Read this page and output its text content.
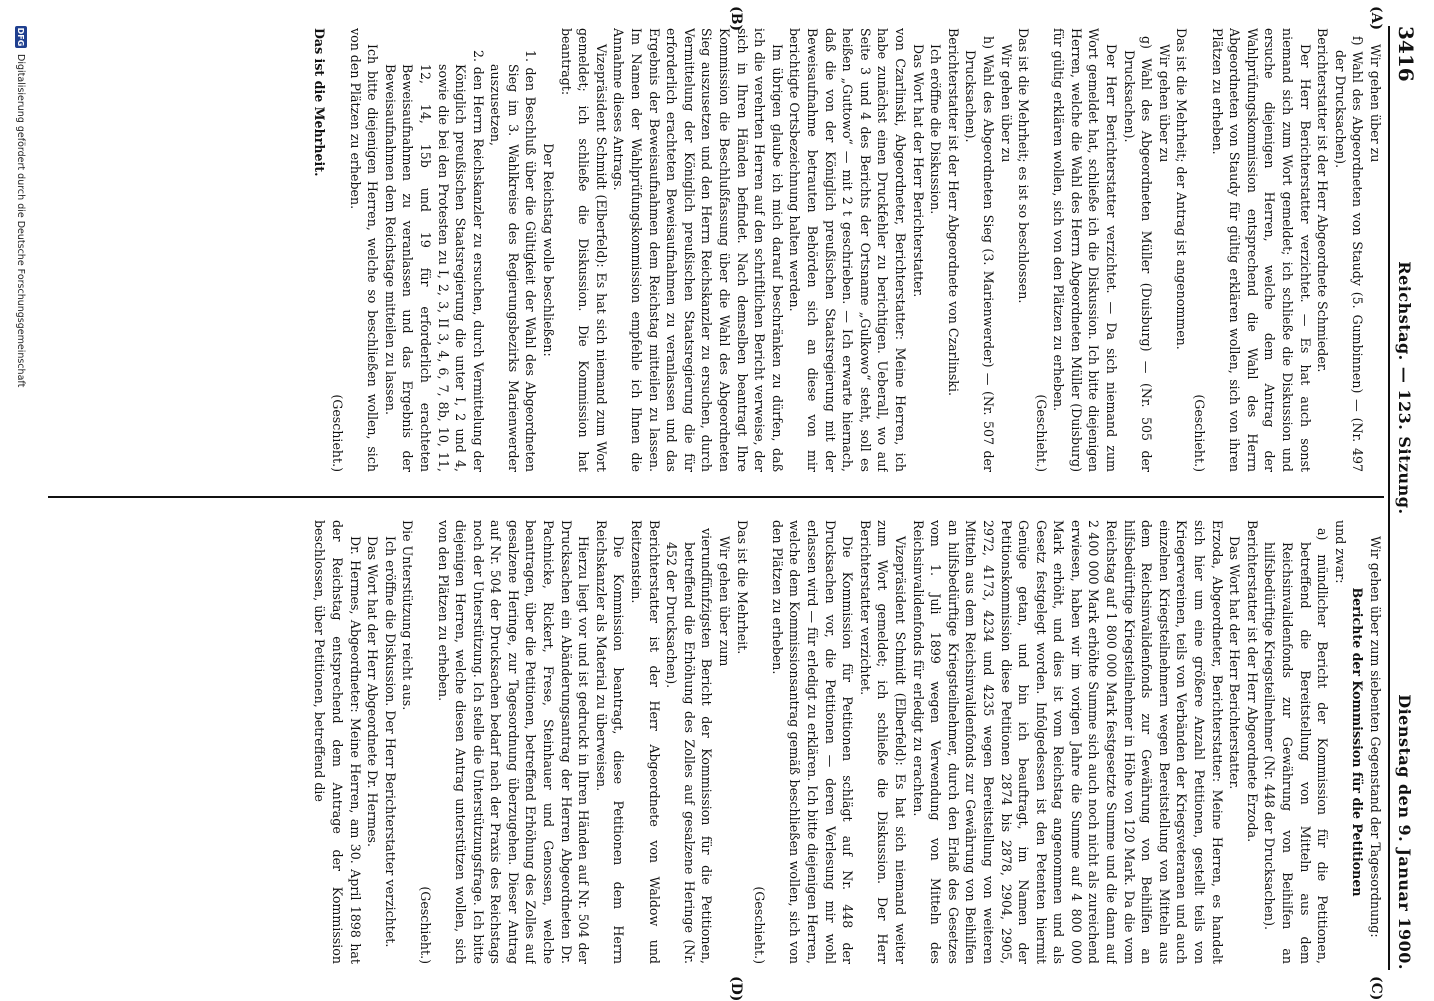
3416
Reichstag. — 123. Sitzung.
Dienstag den 9. Januar 1900.
(A)
(B)
(C)
(D)

Wir gehen über zu

f) Wahl des Abgeordneten von Staudy (5. Gumbinnen) — (Nr. 497 der Drucksachen).

Berichterstatter ist der Herr Abgeordnete Schmieder.

Der Herr Berichterstatter verzichtet. — Es hat auch sonst niemand sich zum Wort gemeldet; ich schließe die Diskussion und ersuche diejenigen Herren, welche dem Antrag der Wahlprüfungskommission entsprechend die Wahl des Herrn Abgeordneten von Staudy für gültig erklären wollen, sich von ihren Plätzen zu erheben.

(Geschieht.)

Das ist die Mehrheit; der Antrag ist angenommen.

Wir gehen über zu

g) Wahl des Abgeordneten Müller (Duisburg) — (Nr. 505 der Drucksachen).

Der Herr Berichterstatter verzichtet. — Da sich niemand zum Wort gemeldet hat, schließe ich die Diskussion. Ich bitte diejenigen Herren, welche die Wahl des Herrn Abgeordneten Müller (Duisburg) für gültig erklären wollen, sich von den Plätzen zu erheben.

(Geschieht.)

Das ist die Mehrheit; es ist so beschlossen.

Wir gehen über zu

h) Wahl des Abgeordneten Sieg (3. Marienwerder) — (Nr. 507 der Drucksachen).

Berichterstatter ist der Herr Abgeordnete von Czarlinski.

Ich eröffne die Diskussion.

Das Wort hat der Herr Berichterstatter.

von Czarlinski, Abgeordneter, Berichterstatter: Meine Herren, ich habe zunächst einen Druckfehler zu berichtigen. Ueberall, wo auf Seite 3 und 4 des Berichts der Ortsname „Gulkowo“ steht, soll es heißen „Guttowo“ — mit 2 t geschrieben. — Ich erwarte hiernach, daß die von der Königlich preußischen Staatsregierung mit der Beweisaufnahme betrauten Behörden sich an diese von mir berichtigte Ortsbezeichnung halten werden.

Im übrigen glaube ich mich darauf beschränken zu dürfen, daß ich die verehrten Herren auf den schriftlichen Bericht verweise, der sich in Ihren Händen befindet. Nach demselben beantragt Ihre Kommission die Beschlußfassung über die Wahl des Abgeordneten Sieg auszusetzen und den Herrn Reichskanzler zu ersuchen, durch Vermittelung der Königlich preußischen Staatsregierung die für erforderlich erachteten Beweisaufnahmen zu veranlassen und das Ergebnis der Beweisaufnahmen dem Reichstag mitteilen zu lassen. Im Namen der Wahlprüfungskommission empfehle ich Ihnen die Annahme dieses Antrags.

Vizepräsident Schmidt (Elberfeld): Es hat sich niemand zum Wort gemeldet; ich schließe die Diskussion. Die Kommission hat beantragt:

Der Reichstag wolle beschließen:

1. den Beschluß über die Gültigkeit der Wahl des Abgeordneten Sieg im 3. Wahlkreise des Regierungsbezirks Marienwerder auszusetzen,

2. den Herrn Reichskanzler zu ersuchen, durch Vermittelung der Königlich preußischen Staatsregierung die unter I, 2 und 4, sowie die bei den Protesten zu I, 2, 3, II 3, 4, 6, 7, 8b, 10, 11, 12, 14, 15b und 19 für erforderlich erachteten Beweisaufnahmen zu veranlassen und das Ergebnis der Beweisaufnahmen dem Reichstage mitteilen zu lassen.

Ich bitte diejenigen Herren, welche so beschließen wollen, sich von den Plätzen zu erheben.

(Geschieht.)

Das ist die Mehrheit.

Wir gehen über zum siebenten Gegenstand der Tagesordnung:

Berichte der Kommission für die Petitionen

und zwar:

a) mündlicher Bericht der Kommission für die Petitionen, betreffend die Bereitstellung von Mitteln aus dem Reichsinvalidenfonds zur Gewährung von Beihilfen an hilfsbedürftige Kriegsteilnehmer (Nr. 448 der Drucksachen).

Berichterstatter ist der Herr Abgeordnete Erzoda.

Das Wort hat der Herr Berichterstatter.

Erzoda, Abgeordneter, Berichterstatter: Meine Herren, es handelt sich hier um eine größere Anzahl Petitionen, gestellt teils von Kriegervereinen, teils von Verbänden der Kriegsveteranen und auch einzelnen Kriegsteilnehmern wegen Bereitstellung von Mitteln aus dem Reichsinvalidenfonds zur Gewährung von Beihilfen an hilfsbedürftige Kriegsteilnehmer in Höhe von 120 Mark. Da die vom Reichstag auf 1 800 000 Mark festgesetzte Summe und die dann auf 2 400 000 Mark erhöhte Summe sich auch noch nicht als zureichend erwiesen, haben wir im vorigen Jahre die Summe auf 4 800 000 Mark erhöht, und dies ist vom Reichstag angenommen und als Gesetz festgelegt worden. Infolgedessen ist den Petenten hiermit Genüge getan, und bin ich beauftragt, im Namen der Petitionskommission diese Petitionen 2874 bis 2878, 2904, 2905, 2972, 4173, 4234 und 4235 wegen Bereitstellung von weiteren Mitteln aus dem Reichsinvalidenfonds zur Gewährung von Beihilfen an hilfsbedürftige Kriegsteilnehmer, durch den Erlaß des Gesetzes vom 1. Juli 1899 wegen Verwendung von Mitteln des Reichsinvalidenfonds für erledigt zu erachten.

Vizepräsident Schmidt (Elberfeld): Es hat sich niemand weiter zum Wort gemeldet; ich schließe die Diskussion. Der Herr Berichterstatter verzichtet.

Die Kommission für Petitionen schlägt auf Nr. 448 der Drucksachen vor, die Petitionen — deren Verlesung mir wohl erlassen wird — für erledigt zu erklären. Ich bitte diejenigen Herren, welche dem Kommissionsantrag gemäß beschließen wollen, sich von den Plätzen zu erheben.

(Geschieht.)

Das ist die Mehrheit.

Wir gehen über zum

vierundfünfzigsten Bericht der Kommission für die Petitionen, betreffend die Erhöhung des Zolles auf gesalzene Heringe (Nr. 452 der Drucksachen).

Berichterstatter ist der Herr Abgeordnete von Waldow und Reitzenstein.

Die Kommission beantragt, diese Petitionen dem Herrn Reichskanzler als Material zu überweisen.

Hierzu liegt vor und ist gedruckt in Ihren Händen auf Nr. 504 der Drucksachen ein Abänderungsantrag der Herren Abgeordneten Dr. Pachnicke, Rickert, Frese, Steinhauer und Genossen, welche beantragen, über die Petitionen, betreffend Erhöhung des Zolles auf gesalzene Heringe, zur Tagesordnung überzugehen. Dieser Antrag auf Nr. 504 der Drucksachen bedarf nach der Praxis des Reichstags noch der Unterstützung. Ich stelle die Unterstützungsfrage. Ich bitte diejenigen Herren, welche diesen Antrag unterstützen wollen, sich von den Plätzen zu erheben.

(Geschieht.)

Die Unterstützung reicht aus.

Ich eröffne die Diskussion. Der Herr Berichterstatter verzichtet.

Das Wort hat der Herr Abgeordnete Dr. Hermes.

Dr. Hermes, Abgeordneter: Meine Herren, am 30. April 1898 hat der Reichstag entsprechend dem Antrage der Kommission beschlossen, über Petitionen, betreffend die

DFG
Digitalisierung gefördert durch die Deutsche Forschungsgemeinschaft
